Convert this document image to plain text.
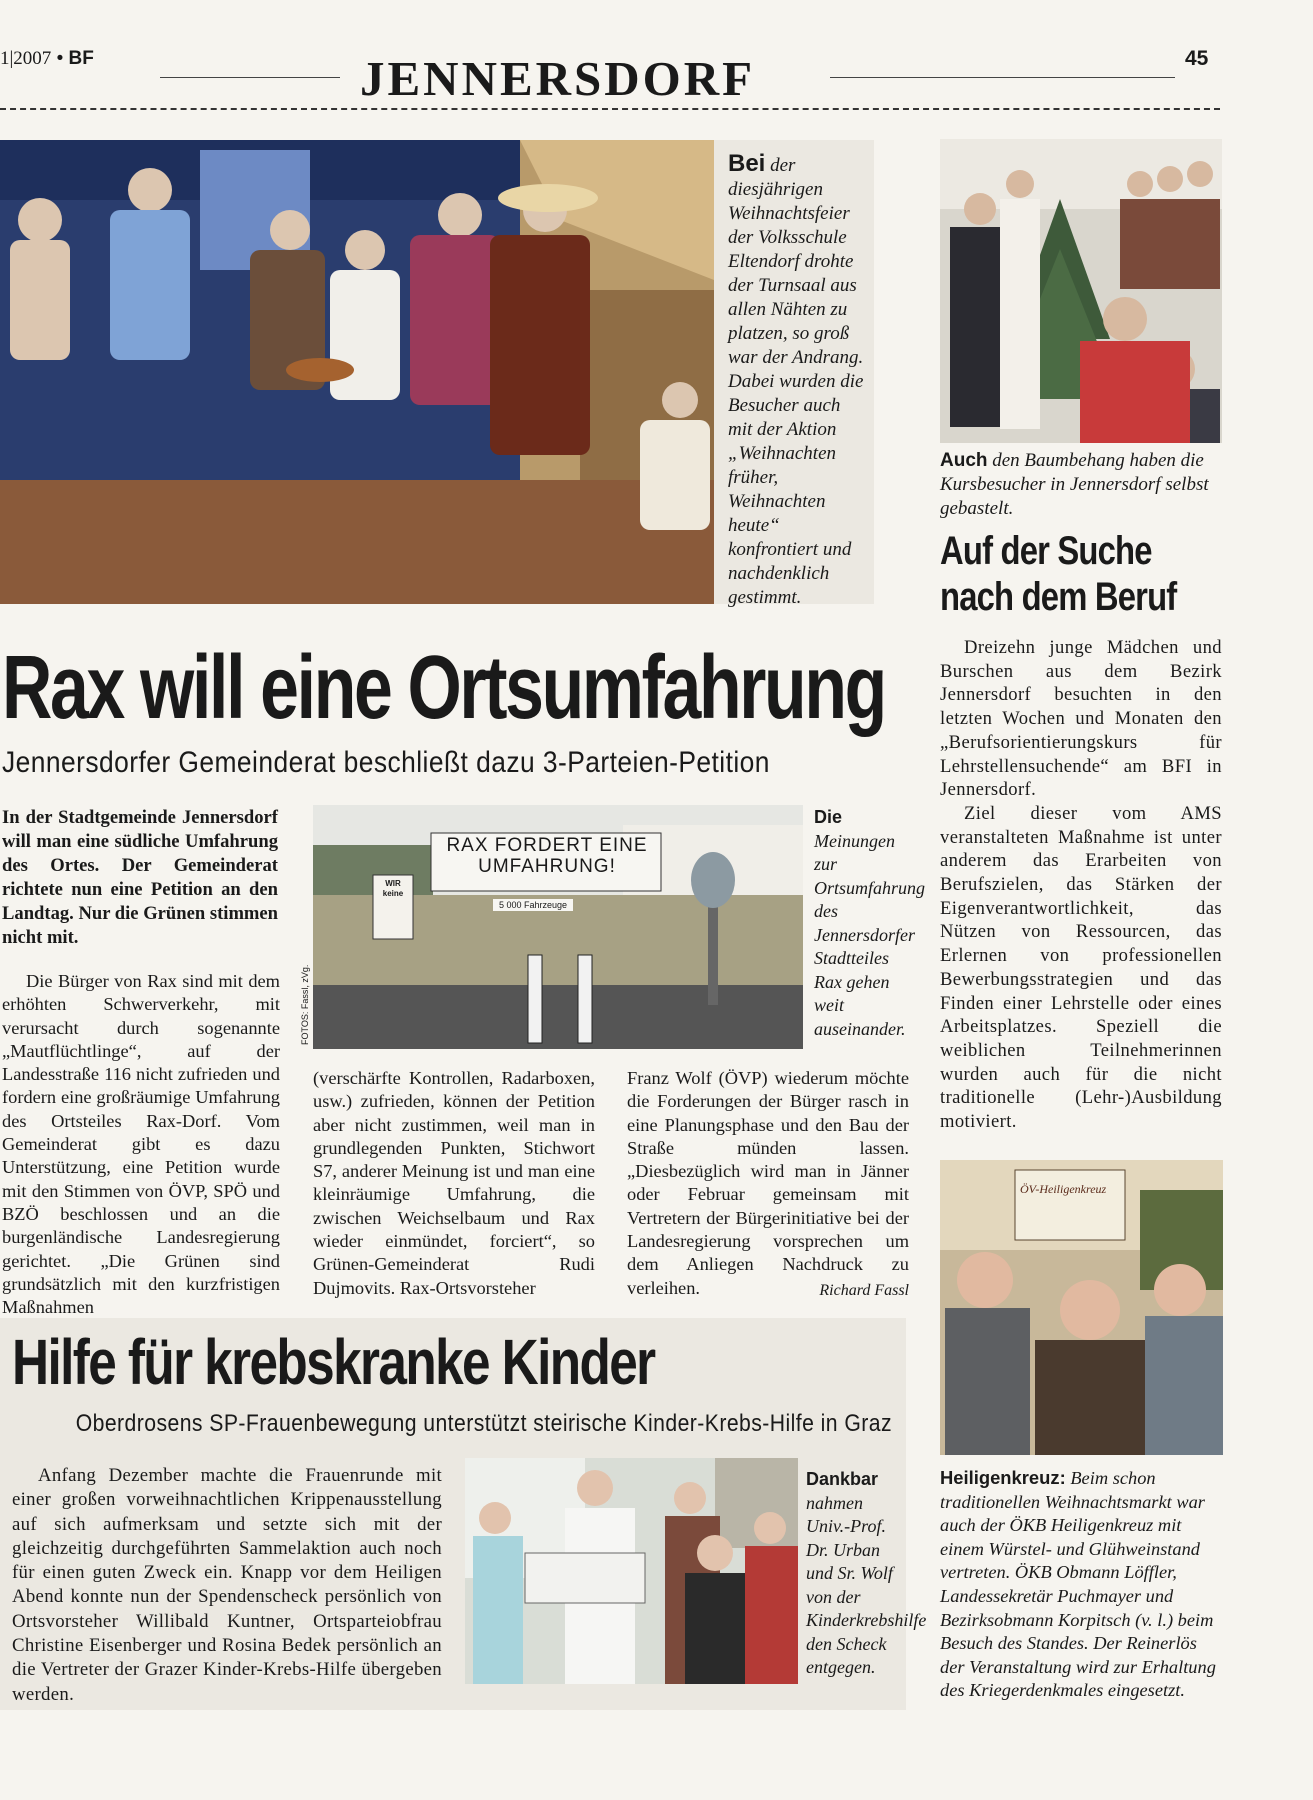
1|2007 • BF	JENNERSDORF	45
Bei der diesjährigen Weihnachtsfeier der Volksschule Eltendorf drohte der Turnsaal aus allen Nähten zu platzen, so groß war der Andrang. Dabei wurden die Besucher auch mit der Aktion „Weihnachten früher, Weihnachten heute“ konfrontiert und nachdenklich gestimmt.
Auch den Baumbehang haben die Kursbesucher in Jennersdorf selbst gebastelt.
Auf der Suche
nach dem Beruf

Dreizehn junge Mädchen und Burschen aus dem Bezirk Jennersdorf besuchten in den letzten Wochen und Monaten den „Berufsorientierungskurs für Lehrstellensuchende“ am BFI in Jennersdorf.

Ziel dieser vom AMS veranstalteten Maßnahme ist unter anderem das Erarbeiten von Berufszielen, das Stärken der Eigenverantwortlichkeit, das Nützen von Ressourcen, das Erlernen von professionellen Bewerbungsstrategien und das Finden einer Lehrstelle oder eines Arbeitsplatzes. Speziell die weiblichen Teilnehmerinnen wurden auch für die nicht traditionelle (Lehr-)Ausbildung motiviert.

Rax will eine Ortsumfahrung
Jennersdorfer Gemeinderat beschließt dazu 3-Parteien-Petition
In der Stadtgemeinde Jennersdorf will man eine südliche Umfahrung des Ortes. Der Gemeinderat richtete nun eine Petition an den Landtag. Nur die Grünen stimmen nicht mit.
Die Bürger von Rax sind mit dem erhöhten Schwerverkehr, mit verursacht durch sogenannte „Mautflüchtlinge“, auf der Landesstraße 116 nicht zufrieden und fordern eine großräumige Umfahrung des Ortsteiles Rax-Dorf. Vom Gemeinderat gibt es dazu Unterstützung, eine Petition wurde mit den Stimmen von ÖVP, SPÖ und BZÖ beschlossen und an die burgenländische Landesregierung gerichtet. „Die Grünen sind grundsätzlich mit den kurzfristigen Maßnahmen
RAX FORDERT EINE
UMFAHRUNG!
5 000 Fahrzeuge
WIR
keine
FOTOS: Fassl, zVg.
Die Meinungen zur Ortsumfahrung des Jennersdorfer Stadtteiles Rax gehen weit auseinander.
(verschärfte Kontrollen, Radarboxen, usw.) zufrieden, können der Petition aber nicht zustimmen, weil man in grundlegenden Punkten, Stichwort S7, anderer Meinung ist und man eine kleinräumige Umfahrung, die zwischen Weichselbaum und Rax wieder einmündet, forciert“, so Grünen-Gemeinderat Rudi Dujmovits. Rax-Ortsvorsteher
Franz Wolf (ÖVP) wiederum möchte die Forderungen der Bürger rasch in eine Planungsphase und den Bau der Straße münden lassen. „Diesbezüglich wird man in Jänner oder Februar gemeinsam mit Vertretern der Bürgerinitiative bei der Landesregierung vorsprechen um dem Anliegen Nachdruck zu verleihen.	Richard Fassl
Hilfe für krebskranke Kinder
Oberdrosens SP-Frauenbewegung unterstützt steirische Kinder-Krebs-Hilfe in Graz
Anfang Dezember machte die Frauenrunde mit einer großen vorweihnachtlichen Krippenausstellung auf sich aufmerksam und setzte sich mit der gleichzeitig durchgeführten Sammelaktion auch noch für einen guten Zweck ein. Knapp vor dem Heiligen Abend konnte nun der Spendenscheck persönlich von Ortsvorsteher Willibald Kuntner, Ortsparteiobfrau Christine Eisenberger und Rosina Bedek persönlich an die Vertreter der Grazer Kinder-Krebs-Hilfe übergeben werden.
Dankbar nahmen Univ.-Prof. Dr. Urban und Sr. Wolf von der Kinderkrebshilfe den Scheck entgegen.
ÖV-Heiligenkreuz
Heiligenkreuz: Beim schon traditionellen Weihnachtsmarkt war auch der ÖKB Heiligenkreuz mit einem Würstel- und Glühweinstand vertreten. ÖKB Obmann Löffler, Landessekretär Puchmayer und Bezirksobmann Korpitsch (v. l.) beim Besuch des Standes. Der Reinerlös der Veranstaltung wird zur Erhaltung des Kriegerdenkmales eingesetzt.
